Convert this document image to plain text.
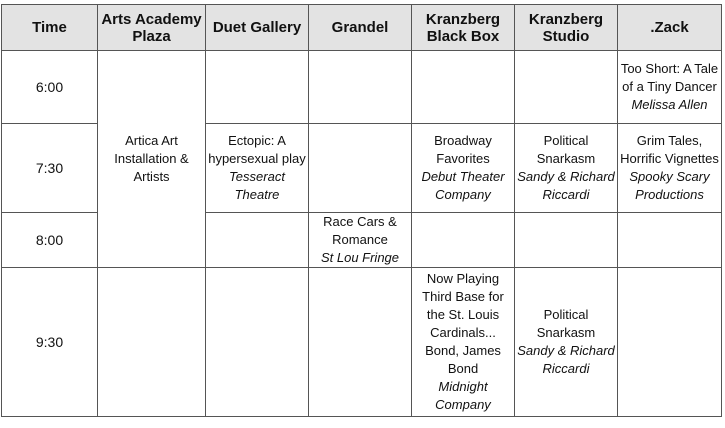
Time	Arts Academy Plaza	Duet Gallery	Grandel	Kranzberg Black Box	Kranzberg Studio	.Zack
6:00	Artica Art Installation & Artists					Too Short: A Tale of a Tiny Dancer
Melissa Allen

7:30		Ectopic: A hypersexual play
Tesseract Theatre		Broadway Favorites
Debut Theater Company	Political Snarkasm
Sandy & Richard Riccardi	Grim Tales, Horrific Vignettes
Spooky Scary Productions

8:00			Race Cars & Romance
St Lou Fringe			

9:30				Now Playing Third Base for the St. Louis Cardinals... Bond, James Bond
Midnight Company	Political Snarkasm
Sandy & Richard Riccardi	
